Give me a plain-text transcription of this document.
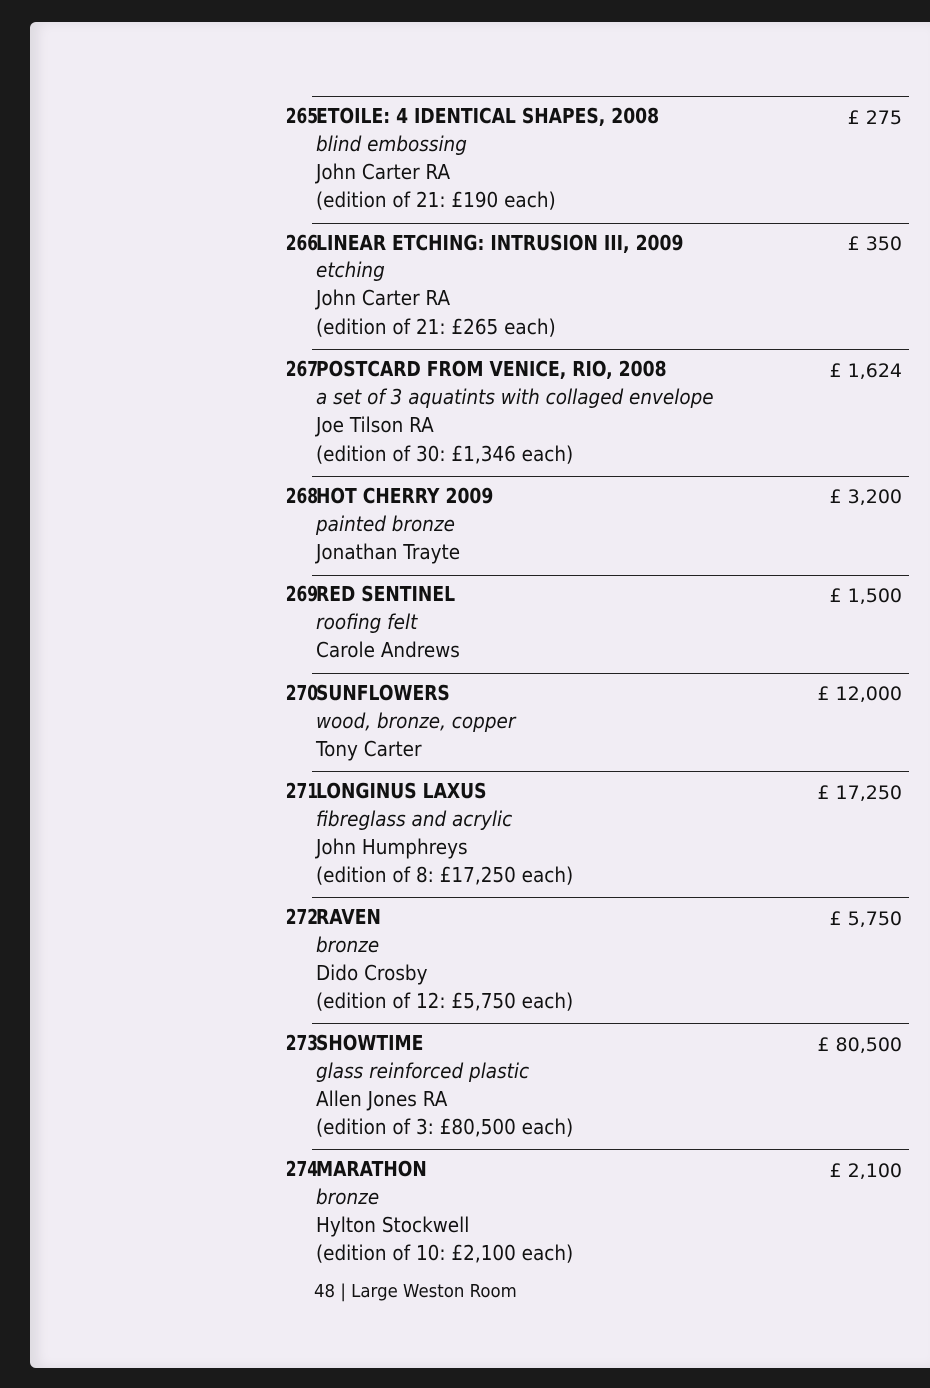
265
ETOILE: 4 IDENTICAL SHAPES, 2008	£ 275
blind embossing
John Carter RA
(edition of 21: £190 each)
266
LINEAR ETCHING: INTRUSION III, 2009	£ 350
etching
John Carter RA
(edition of 21: £265 each)
267
POSTCARD FROM VENICE, RIO, 2008	£ 1,624
a set of 3 aquatints with collaged envelope
Joe Tilson RA
(edition of 30: £1,346 each)
268
HOT CHERRY 2009	£ 3,200
painted bronze
Jonathan Trayte
269
RED SENTINEL	£ 1,500
roofing felt
Carole Andrews
270
SUNFLOWERS	£ 12,000
wood, bronze, copper
Tony Carter
271
LONGINUS LAXUS	£ 17,250
fibreglass and acrylic
John Humphreys
(edition of 8: £17,250 each)
272
RAVEN	£ 5,750
bronze
Dido Crosby
(edition of 12: £5,750 each)
273
SHOWTIME	£ 80,500
glass reinforced plastic
Allen Jones RA
(edition of 3: £80,500 each)
274
MARATHON	£ 2,100
bronze
Hylton Stockwell
(edition of 10: £2,100 each)
48 | Large Weston Room
